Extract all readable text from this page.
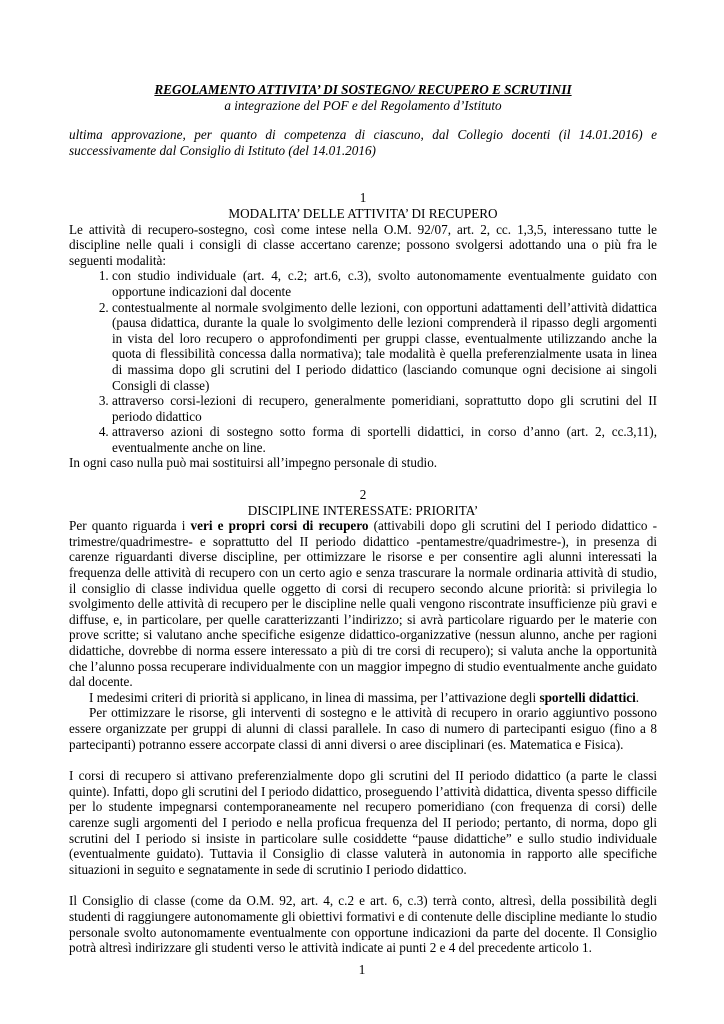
REGOLAMENTO ATTIVITA’ DI SOSTEGNO/ RECUPERO E SCRUTINII
a integrazione del POF e del Regolamento d’Istituto
ultima approvazione, per quanto di competenza di ciascuno, dal Collegio docenti (il 14.01.2016) e successivamente dal Consiglio di Istituto (del 14.01.2016)
1
MODALITA’ DELLE ATTIVITA’ DI RECUPERO
Le attività di recupero-sostegno, così come intese nella O.M. 92/07, art. 2, cc. 1,3,5, interessano tutte le discipline nelle quali i consigli di classe accertano carenze; possono svolgersi adottando una o più fra le seguenti modalità:
1. con studio individuale (art. 4, c.2; art.6, c.3), svolto autonomamente eventualmente guidato con opportune indicazioni dal docente
2. contestualmente al normale svolgimento delle lezioni, con opportuni adattamenti dell’attività didattica (pausa didattica, durante la quale lo svolgimento delle lezioni comprenderà il ripasso degli argomenti in vista del loro recupero o approfondimenti per gruppi classe, eventualmente utilizzando anche la quota di flessibilità concessa dalla normativa); tale modalità è quella preferenzialmente usata in linea di massima dopo gli scrutini del I periodo didattico (lasciando comunque ogni decisione ai singoli Consigli di classe)
3. attraverso corsi-lezioni di recupero, generalmente pomeridiani, soprattutto dopo gli scrutini del II periodo didattico
4. attraverso azioni di sostegno sotto forma di sportelli didattici, in corso d’anno (art. 2, cc.3,11), eventualmente anche on line.
In ogni caso nulla può mai sostituirsi all’impegno personale di studio.
2
DISCIPLINE INTERESSATE: PRIORITA’
Per quanto riguarda i veri e propri corsi di recupero (attivabili dopo gli scrutini del I periodo didattico - trimestre/quadrimestre- e soprattutto del II periodo didattico -pentamestre/quadrimestre-), in presenza di carenze riguardanti diverse discipline, per ottimizzare le risorse e per consentire agli alunni interessati la frequenza delle attività di recupero con un certo agio e senza trascurare la normale ordinaria attività di studio, il consiglio di classe individua quelle oggetto di corsi di recupero secondo alcune priorità: si privilegia lo svolgimento delle attività di recupero per le discipline nelle quali vengono riscontrate insufficienze più gravi e diffuse, e, in particolare, per quelle caratterizzanti l’indirizzo; si avrà particolare riguardo per le materie con prove scritte; si valutano anche specifiche esigenze didattico-organizzative (nessun alunno, anche per ragioni didattiche, dovrebbe di norma essere interessato a più di tre corsi di recupero); si valuta anche la opportunità che l’alunno possa recuperare individualmente con un maggior impegno di studio eventualmente anche guidato dal docente.
I medesimi criteri di priorità si applicano, in linea di massima, per l’attivazione degli sportelli didattici.
Per ottimizzare le risorse, gli interventi di sostegno e le attività di recupero in orario aggiuntivo possono essere organizzate per gruppi di alunni di classi parallele. In caso di numero di partecipanti esiguo (fino a 8 partecipanti) potranno essere accorpate classi di anni diversi o aree disciplinari (es. Matematica e Fisica).
I corsi di recupero si attivano preferenzialmente dopo gli scrutini del II periodo didattico (a parte le classi quinte). Infatti, dopo gli scrutini del I periodo didattico, proseguendo l’attività didattica, diventa spesso difficile per lo studente impegnarsi contemporaneamente nel recupero pomeridiano (con frequenza di corsi) delle carenze sugli argomenti del I periodo e nella proficua frequenza del II periodo; pertanto, di norma, dopo gli scrutini del I periodo si insiste in particolare sulle cosiddette “pause didattiche” e sullo studio individuale (eventualmente guidato). Tuttavia il Consiglio di classe valuterà in autonomia in rapporto alle specifiche situazioni in seguito e segnatamente in sede di scrutinio I periodo didattico.
Il Consiglio di classe (come da O.M. 92, art. 4, c.2 e art. 6, c.3) terrà conto, altresì, della possibilità degli studenti di raggiungere autonomamente gli obiettivi formativi e di contenute delle discipline mediante lo studio personale svolto autonomamente eventualmente con opportune indicazioni da parte del docente. Il Consiglio potrà altresì indirizzare gli studenti verso le attività indicate ai punti 2 e 4 del precedente articolo 1.
1
